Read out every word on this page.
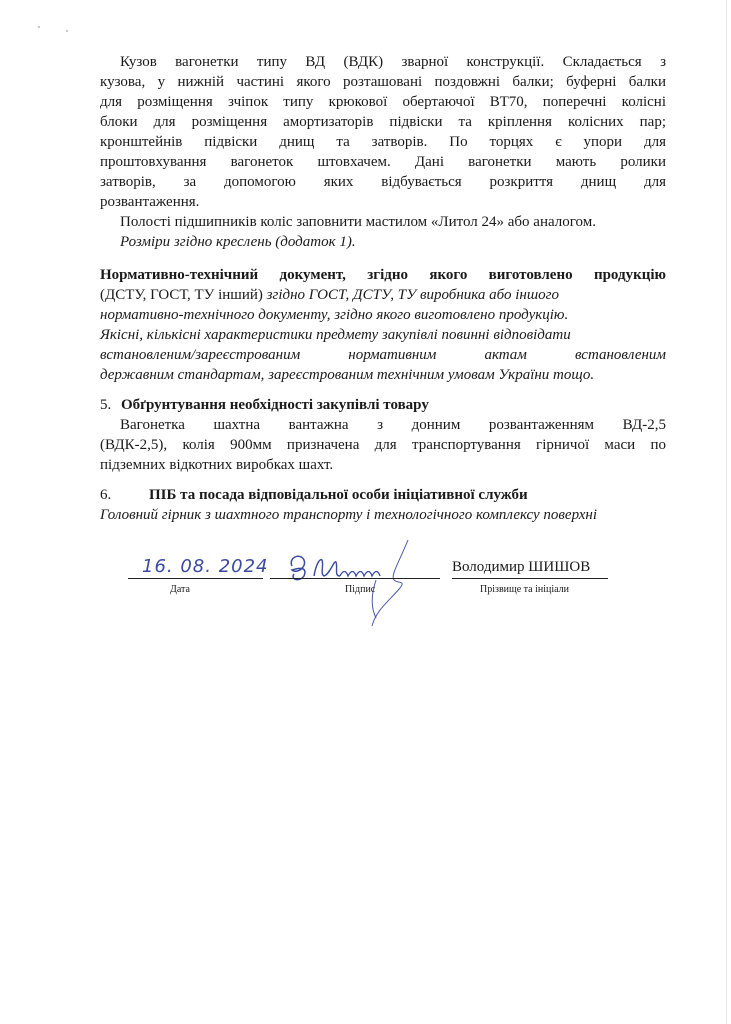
Кузов вагонетки типу ВД (ВДК) зварної конструкції. Складається з
кузова, у нижній частині якого розташовані поздовжні балки; буферні балки
для розміщення зчіпок типу крюкової обертаючої ВТ70, поперечні колісні
блоки для розміщення амортизаторів підвіски та кріплення колісних пар;
кронштейнів підвіски днищ та затворів. По торцях є упори для
проштовхування вагонеток штовхачем. Дані вагонетки мають ролики
затворів, за допомогою яких відбувається розкриття днищ для
розвантаження.
Полості підшипників коліс заповнити мастилом «Литол 24» або аналогом.
Розміри згідно креслень (додаток 1).
Нормативно-технічний документ, згідно якого виготовлено продукцію
(ДСТУ, ГОСТ, ТУ інший) згідно ГОСТ, ДСТУ, ТУ виробника або іншого
нормативно-технічного документу, згідно якого виготовлено продукцію.
Якісні, кількісні характеристики предмету закупівлі повинні відповідати
встановленим/зареєстрованим нормативним актам встановленим
державним стандартам, зареєстрованим технічним умовам України тощо.
5. Обґрунтування необхідності закупівлі товару
Вагонетка шахтна вантажна з донним розвантаженням ВД-2,5
(ВДК-2,5), колія 900мм призначена для транспортування гірничої маси по
підземних відкотних виробках шахт.
6.	ПІБ та посада відповідальної особи ініціативної служби
Головний гірник з шахтного транспорту і технологічного комплексу поверхні
16. 08. 2024
Дата	Підпис
Володимир ШИШОВ
Прізвище та ініціали
